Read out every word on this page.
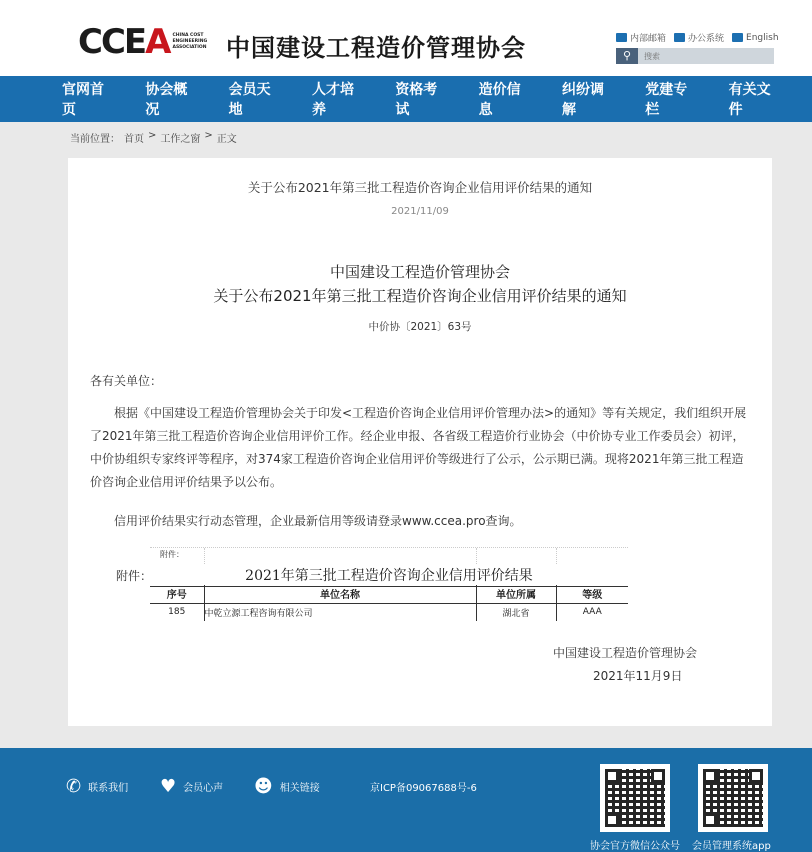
CCEA CHINA COST ENGINEERING ASSOCIATION 中国建设工程造价管理协会	内部邮箱 办公系统 English
⚲
搜索
官网首页
协会概况
会员天地
人才培养
资格考试
造价信息
纠纷调解
党建专栏
有关文件
当前位置： 首页 > 工作之窗 > 正文
关于公布2021年第三批工程造价咨询企业信用评价结果的通知
2021/11/09
中国建设工程造价管理协会
关于公布2021年第三批工程造价咨询企业信用评价结果的通知
中价协〔2021〕63号
各有关单位：
根据《中国建设工程造价管理协会关于印发<工程造价咨询企业信用评价管理办法>的通知》等有关规定，我们组织开展了2021年第三批工程造价咨询企业信用评价工作。经企业申报、各省级工程造价行业协会（中价协专业工作委员会）初评，中价协组织专家终评等程序，对374家工程造价咨询企业信用评价等级进行了公示，公示期已满。现将2021年第三批工程造价咨询企业信用评价结果予以公布。
信用评价结果实行动态管理，企业最新信用等级请登录www.ccea.pro查询。
附件：
附件：	2021年第三批工程造价咨询企业信用评价结果
序号	单位名称	单位所属	等级
185	中乾立源工程咨询有限公司	湖北省	AAA
中国建设工程造价管理协会
2021年11月9日
✆ 联系我们 ♥ 会员心声 ☻ 相关链接	京ICP备09067688号-6
协会官方微信公众号 会员管理系统app
